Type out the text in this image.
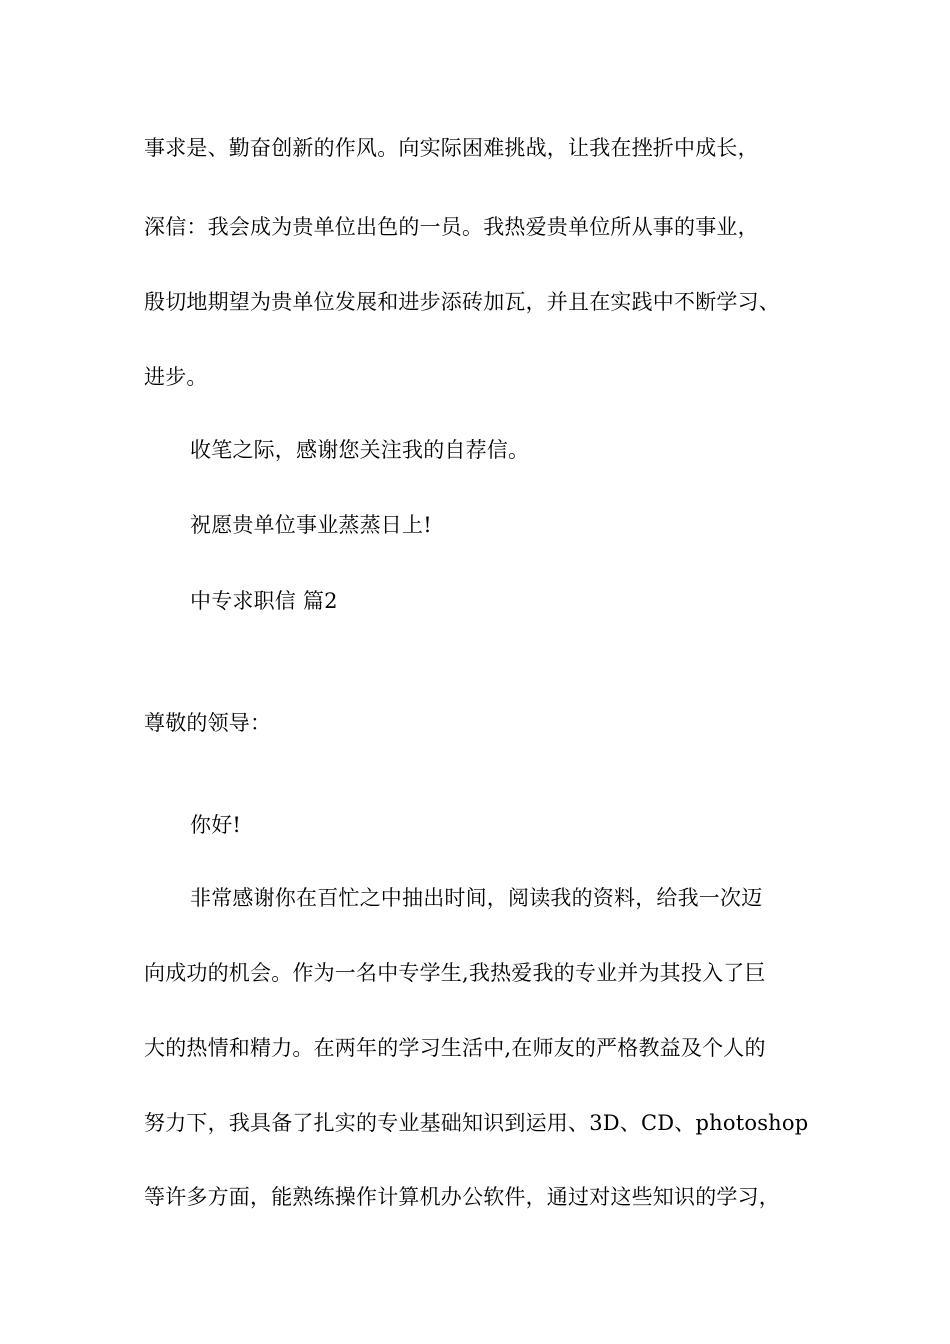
事求是、勤奋创新的作风。向实际困难挑战，让我在挫折中成长，
深信：我会成为贵单位出色的一员。我热爱贵单位所从事的事业，
殷切地期望为贵单位发展和进步添砖加瓦，并且在实践中不断学习、
进步。
收笔之际，感谢您关注我的自荐信。
祝愿贵单位事业蒸蒸日上!
中专求职信 篇2
尊敬的领导：
你好!
非常感谢你在百忙之中抽出时间，阅读我的资料，给我一次迈
向成功的机会。作为一名中专学生,我热爱我的专业并为其投入了巨
大的热情和精力。在两年的学习生活中,在师友的严格教益及个人的
努力下，我具备了扎实的专业基础知识到运用、3D、CD、photoshop
等许多方面，能熟练操作计算机办公软件，通过对这些知识的学习，
